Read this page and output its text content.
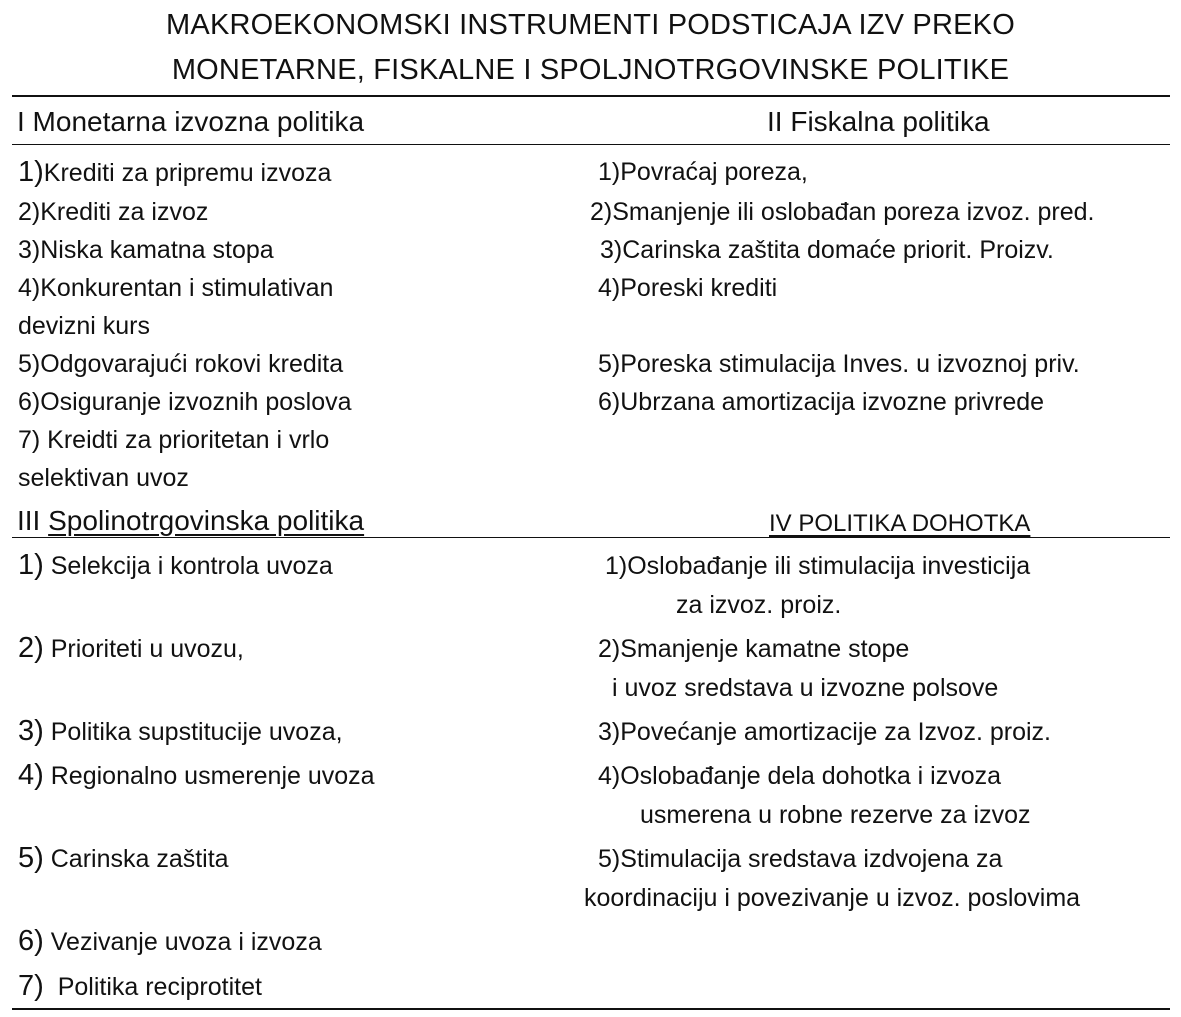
MAKROEKONOMSKI INSTRUMENTI PODSTICAJA IZV PREKO
MONETARNE, FISKALNE I SPOLJNOTRGOVINSKE POLITIKE
I Monetarna izvozna politika
1)Krediti za pripremu izvoza
2)Krediti za izvoz
3)Niska kamatna stopa
4)Konkurentan i stimulativan
devizni kurs
5)Odgovarajući rokovi kredita
6)Osiguranje izvoznih poslova
7) Kreidti za prioritetan i vrlo
selektivan uvoz
II Fiskalna politika
1)Povraćaj poreza,
2)Smanjenje ili oslobađan poreza izvoz. pred.
3)Carinska zaštita domaće priorit. Proizv.
4)Poreski krediti
5)Poreska stimulacija Inves. u izvoznoj priv.
6)Ubrzana amortizacija izvozne privrede
III Spolinotrgovinska politika	IV POLITIKA DOHOTKA
1) Selekcija i kontrola uvoza
2) Prioriteti u uvozu,
3) Politika supstitucije uvoza,
4) Regionalno usmerenje uvoza
5) Carinska zaštita
6) Vezivanje uvoza i izvoza
7)  Politika reciprotitet
1)Oslobađanje ili stimulacija investicija
za izvoz. proiz.
2)Smanjenje kamatne stope
i uvoz sredstava u izvozne polsove
3)Povećanje amortizacije za Izvoz. proiz.
4)Oslobađanje dela dohotka i izvoza
usmerena u robne rezerve za izvoz
5)Stimulacija sredstava izdvojena za
koordinaciju i povezivanje u izvoz. poslovima
